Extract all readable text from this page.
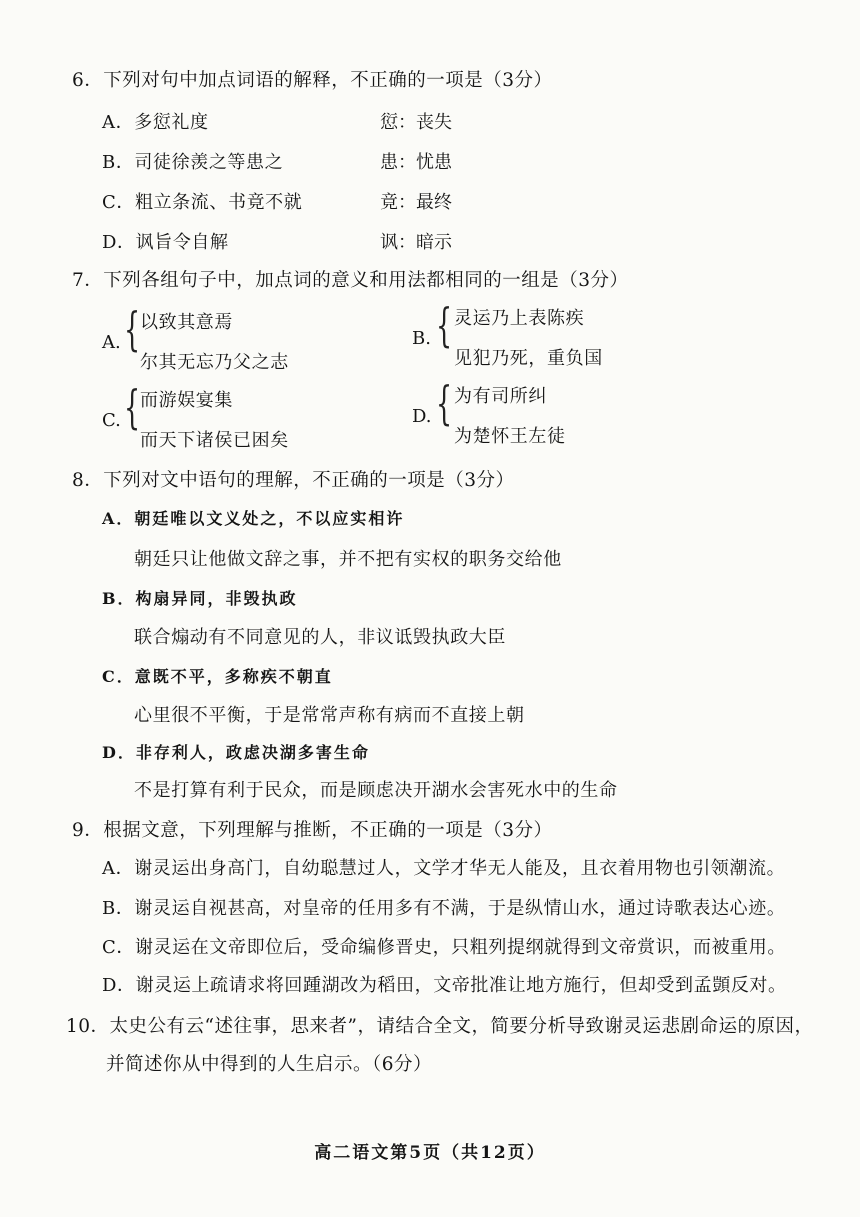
6．下列对句中加点词语的解释，不正确的一项是（3分）
A．多愆礼度	愆：丧失
B．司徒徐羡之等患之	患：忧患
C．粗立条流、书竟不就	竟：最终
D．讽旨令自解	讽：暗示
7．下列各组句子中，加点词的意义和用法都相同的一组是（3分）
A. { 以致其意焉
尔其无忘乃父之志
B. { 灵运乃上表陈疾
见犯乃死，重负国
C. { 而游娱宴集
而天下诸侯已困矣
D. { 为有司所纠
为楚怀王左徒
8．下列对文中语句的理解，不正确的一项是（3分）
A．朝廷唯以文义处之，不以应实相许
朝廷只让他做文辞之事，并不把有实权的职务交给他
B．构扇异同，非毁执政
联合煽动有不同意见的人，非议诋毁执政大臣
C．意既不平，多称疾不朝直
心里很不平衡，于是常常声称有病而不直接上朝
D．非存利人，政虑决湖多害生命
不是打算有利于民众，而是顾虑决开湖水会害死水中的生命
9．根据文意，下列理解与推断，不正确的一项是（3分）
A．谢灵运出身高门，自幼聪慧过人，文学才华无人能及，且衣着用物也引领潮流。
B．谢灵运自视甚高，对皇帝的任用多有不满，于是纵情山水，通过诗歌表达心迹。
C．谢灵运在文帝即位后，受命编修晋史，只粗列提纲就得到文帝赏识，而被重用。
D．谢灵运上疏请求将回踵湖改为稻田，文帝批准让地方施行，但却受到孟顗反对。
10．太史公有云“述往事，思来者”，请结合全文，简要分析导致谢灵运悲剧命运的原因，
并简述你从中得到的人生启示。（6分）
高二语文第5页（共12页）
